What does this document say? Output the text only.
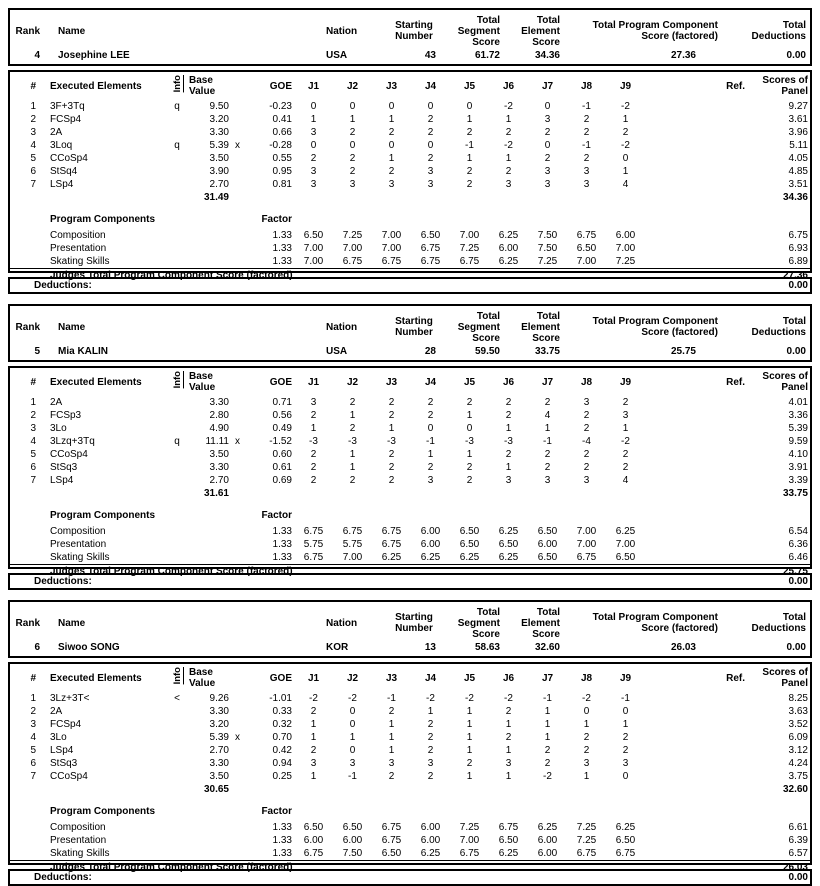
Rank	Name	Nation	Starting
Number
Total
Segment
Score
Total
Element
Score
Total Program Component
Score (factored)
Total
Deductions
4	Josephine LEE	USA	43	61.72	34.36	27.36	0.00
#	Executed Elements	Info Base
Value	GOE	J1	J2	J3	J4	J5	J6	J7	J8	J9	Ref.	Scores of
Panel
1	3F+3Tq	q	9.50	-0.23	0	0	0	0	0	-2	0	-1	-2	9.27
2	FCSp4	3.20	0.41	1	1	1	2	1	1	3	2	1	3.61
3	2A	3.30	0.66	3	2	2	2	2	2	2	2	2	3.96
4	3Loq	q	5.39 x	-0.28	0	0	0	0	-1	-2	0	-1	-2	5.11
5	CCoSp4	3.50	0.55	2	2	1	2	1	1	2	2	0	4.05
6	StSq4	3.90	0.95	3	2	2	3	2	2	3	3	1	4.85
7	LSp4	2.70	0.81	3	3	3	3	2	3	3	3	4	3.51
31.49	34.36
Program Components	Factor
Composition	1.33	6.50	7.25	7.00	6.50	7.00	6.25	7.50	6.75	6.00	6.75
Presentation	1.33	7.00	7.00	7.00	6.75	7.25	6.00	7.50	6.50	7.00	6.93
Skating Skills	1.33	7.00	6.75	6.75	6.75	6.75	6.25	7.25	7.00	7.25	6.89
Judges Total Program Component Score (factored)	27.36
Deductions:	0.00
Rank	Name	Nation	Starting
Number
Total
Segment
Score
Total
Element
Score
Total Program Component
Score (factored)
Total
Deductions
5	Mia KALIN	USA	28	59.50	33.75	25.75	0.00
#	Executed Elements	Info Base
Value	GOE	J1	J2	J3	J4	J5	J6	J7	J8	J9	Ref.	Scores of
Panel
1	2A	3.30	0.71	3	2	2	2	2	2	2	3	2	4.01
2	FCSp3	2.80	0.56	2	1	2	2	1	2	4	2	3	3.36
3	3Lo	4.90	0.49	1	2	1	0	0	1	1	2	1	5.39
4	3Lzq+3Tq	q	11.11 x	-1.52	-3	-3	-3	-1	-3	-3	-1	-4	-2	9.59
5	CCoSp4	3.50	0.60	2	1	2	1	1	2	2	2	2	4.10
6	StSq3	3.30	0.61	2	1	2	2	2	1	2	2	2	3.91
7	LSp4	2.70	0.69	2	2	2	3	2	3	3	3	4	3.39
31.61	33.75
Program Components	Factor
Composition	1.33	6.75	6.75	6.75	6.00	6.50	6.25	6.50	7.00	6.25	6.54
Presentation	1.33	5.75	5.75	6.75	6.00	6.50	6.50	6.00	7.00	7.00	6.36
Skating Skills	1.33	6.75	7.00	6.25	6.25	6.25	6.25	6.50	6.75	6.50	6.46
Judges Total Program Component Score (factored)	25.75
Deductions:	0.00
Rank	Name	Nation	Starting
Number
Total
Segment
Score
Total
Element
Score
Total Program Component
Score (factored)
Total
Deductions
6	Siwoo SONG	KOR	13	58.63	32.60	26.03	0.00
#	Executed Elements	Info Base
Value	GOE	J1	J2	J3	J4	J5	J6	J7	J8	J9	Ref.	Scores of
Panel
1	3Lz+3T<	<	9.26	-1.01	-2	-2	-1	-2	-2	-2	-1	-2	-1	8.25
2	2A	3.30	0.33	2	0	2	1	1	2	1	0	0	3.63
3	FCSp4	3.20	0.32	1	0	1	2	1	1	1	1	1	3.52
4	3Lo	5.39 x	0.70	1	1	1	2	1	2	1	2	2	6.09
5	LSp4	2.70	0.42	2	0	1	2	1	1	2	2	2	3.12
6	StSq3	3.30	0.94	3	3	3	3	2	3	2	3	3	4.24
7	CCoSp4	3.50	0.25	1	-1	2	2	1	1	-2	1	0	3.75
30.65	32.60
Program Components	Factor
Composition	1.33	6.50	6.50	6.75	6.00	7.25	6.75	6.25	7.25	6.25	6.61
Presentation	1.33	6.00	6.00	6.75	6.00	7.00	6.50	6.00	7.25	6.50	6.39
Skating Skills	1.33	6.75	7.50	6.50	6.25	6.75	6.25	6.00	6.75	6.75	6.57
Judges Total Program Component Score (factored)	26.03
Deductions:	0.00
